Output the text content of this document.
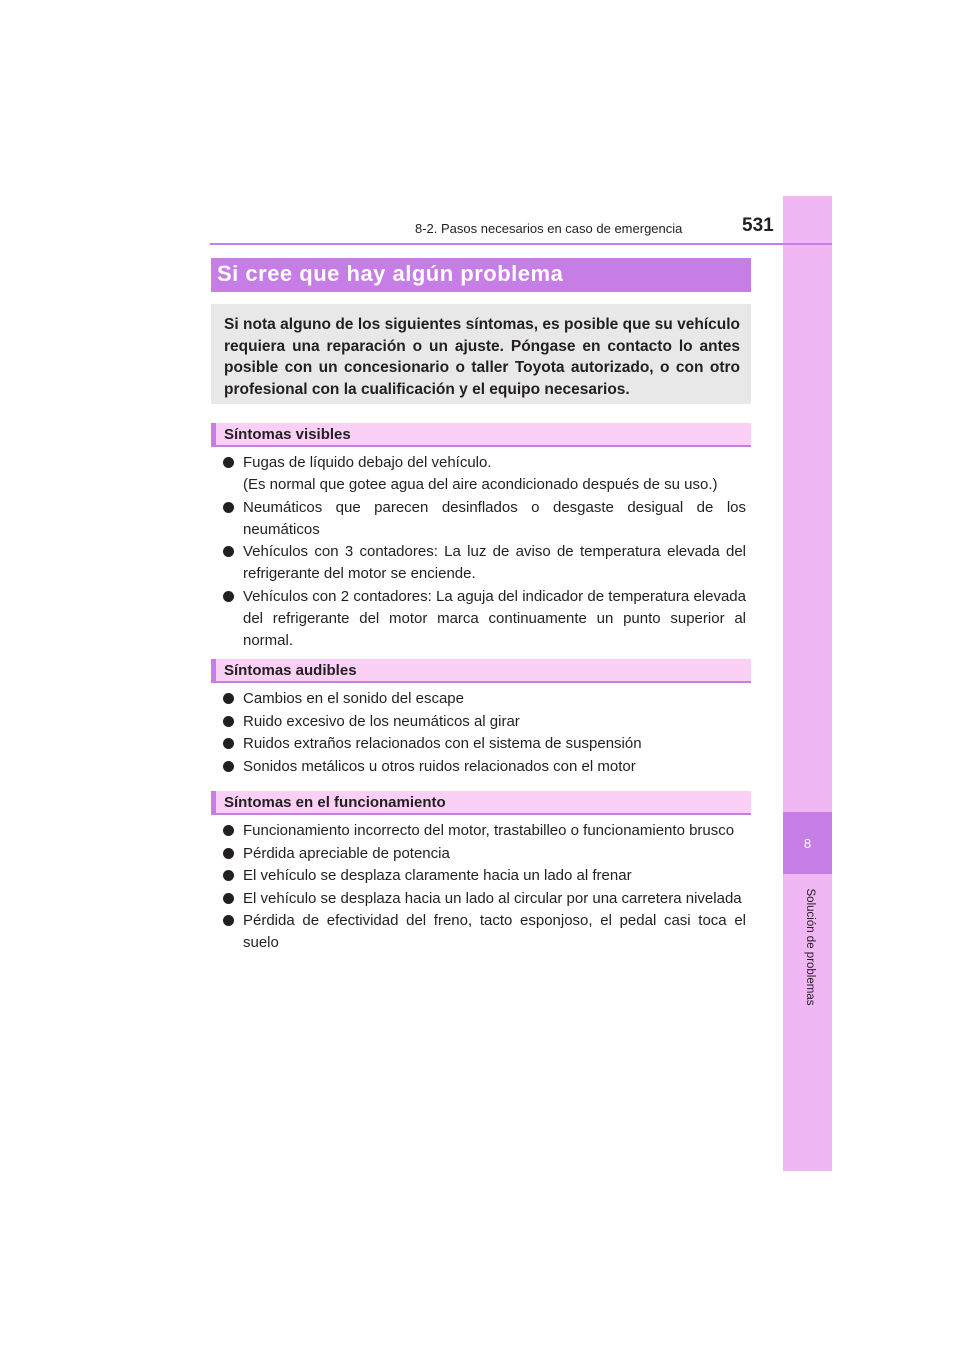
8
Solución de problemas
8-2. Pasos necesarios en caso de emergencia	531
Si cree que hay algún problema
Si nota alguno de los siguientes síntomas, es posible que su vehículo requiera una reparación o un ajuste. Póngase en contacto lo antes posible con un concesionario o taller Toyota autorizado, o con otro profesional con la cualificación y el equipo necesarios.
Síntomas visibles
Fugas de líquido debajo del vehículo.
(Es normal que gotee agua del aire acondicionado después de su uso.)
Neumáticos que parecen desinflados o desgaste desigual de los neumáticos
Vehículos con 3 contadores: La luz de aviso de temperatura elevada del refrigerante del motor se enciende.
Vehículos con 2 contadores: La aguja del indicador de temperatura elevada del refrigerante del motor marca continuamente un punto superior al normal.
Síntomas audibles
Cambios en el sonido del escape
Ruido excesivo de los neumáticos al girar
Ruidos extraños relacionados con el sistema de suspensión
Sonidos metálicos u otros ruidos relacionados con el motor
Síntomas en el funcionamiento
Funcionamiento incorrecto del motor, trastabilleo o funcionamiento brusco
Pérdida apreciable de potencia
El vehículo se desplaza claramente hacia un lado al frenar
El vehículo se desplaza hacia un lado al circular por una carretera nivelada
Pérdida de efectividad del freno, tacto esponjoso, el pedal casi toca el suelo
